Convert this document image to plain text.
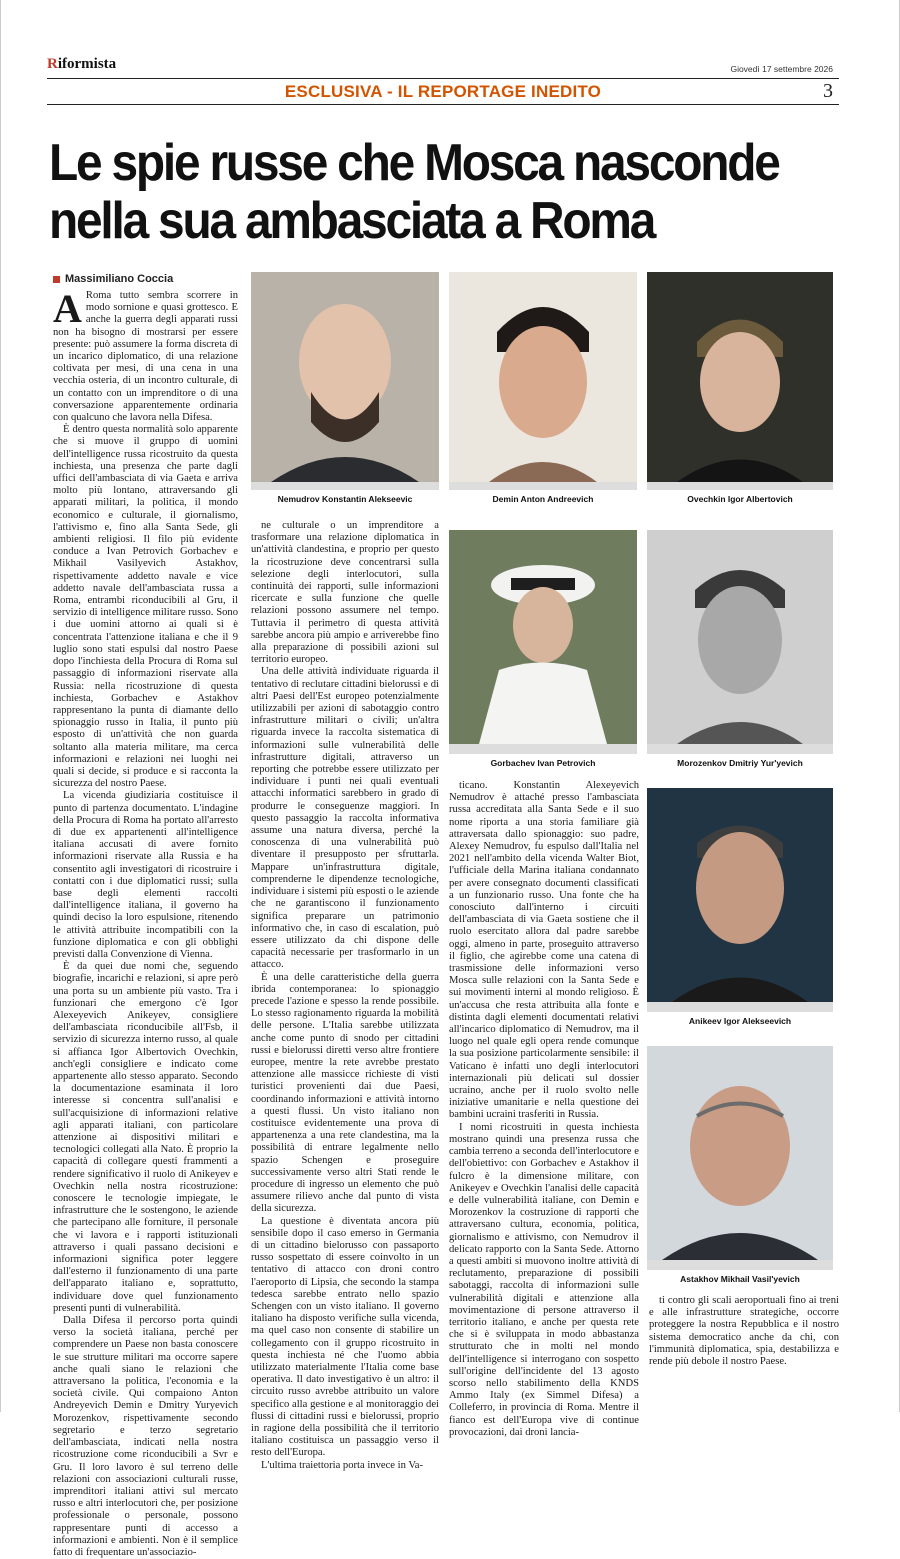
Riformista	Giovedì 17 settembre 2026
ESCLUSIVA - IL REPORTAGE INEDITO	3
Le spie russe che Mosca nasconde nella sua ambasciata a Roma
Massimiliano Coccia

A Roma tutto sembra scorrere in modo sornione e quasi grottesco. E anche la guerra degli apparati russi non ha bisogno di mostrarsi per essere presente: può assumere la forma discreta di un incarico diplomatico, di una relazione coltivata per mesi, di una cena in una vecchia osteria, di un incontro culturale, di un contatto con un imprenditore o di una conversazione apparentemente ordinaria con qualcuno che lavora nella Difesa.

È dentro questa normalità solo apparente che si muove il gruppo di uomini dell'intelligence russa ricostruito da questa inchiesta, una presenza che parte dagli uffici dell'ambasciata di via Gaeta e arriva molto più lontano, attraversando gli apparati militari, la politica, il mondo economico e culturale, il giornalismo, l'attivismo e, fino alla Santa Sede, gli ambienti religiosi. Il filo più evidente conduce a Ivan Petrovich Gorbachev e Mikhail Vasilyevich Astakhov, rispettivamente addetto navale e vice addetto navale dell'ambasciata russa a Roma, entrambi riconducibili al Gru, il servizio di intelligence militare russo. Sono i due uomini attorno ai quali si è concentrata l'attenzione italiana e che il 9 luglio sono stati espulsi dal nostro Paese dopo l'inchiesta della Procura di Roma sul passaggio di informazioni riservate alla Russia: nella ricostruzione di questa inchiesta, Gorbachev e Astakhov rappresentano la punta di diamante dello spionaggio russo in Italia, il punto più esposto di un'attività che non guarda soltanto alla materia militare, ma cerca informazioni e relazioni nei luoghi nei quali si decide, si produce e si racconta la sicurezza del nostro Paese.

La vicenda giudiziaria costituisce il punto di partenza documentato. L'indagine della Procura di Roma ha portato all'arresto di due ex appartenenti all'intelligence italiana accusati di avere fornito informazioni riservate alla Russia e ha consentito agli investigatori di ricostruire i contatti con i due diplomatici russi; sulla base degli elementi raccolti dall'intelligence italiana, il governo ha quindi deciso la loro espulsione, ritenendo le attività attribuite incompatibili con la funzione diplomatica e con gli obblighi previsti dalla Convenzione di Vienna.

È da quei due nomi che, seguendo biografie, incarichi e relazioni, si apre però una porta su un ambiente più vasto. Tra i funzionari che emergono c'è Igor Alexeyevich Anikeyev, consigliere dell'ambasciata riconducibile all'Fsb, il servizio di sicurezza interno russo, al quale si affianca Igor Albertovich Ovechkin, anch'egli consigliere e indicato come appartenente allo stesso apparato. Secondo la documentazione esaminata il loro interesse si concentra sull'analisi e sull'acquisizione di informazioni relative agli apparati italiani, con particolare attenzione ai dispositivi militari e tecnologici collegati alla Nato. È proprio la capacità di collegare questi frammenti a rendere significativo il ruolo di Anikeyev e Ovechkin nella nostra ricostruzione: conoscere le tecnologie impiegate, le infrastrutture che le sostengono, le aziende che partecipano alle forniture, il personale che vi lavora e i rapporti istituzionali attraverso i quali passano decisioni e informazioni significa poter leggere dall'esterno il funzionamento di una parte dell'apparato italiano e, soprattutto, individuare dove quel funzionamento presenti punti di vulnerabilità.

Dalla Difesa il percorso porta quindi verso la società italiana, perché per comprendere un Paese non basta conoscere le sue strutture militari ma occorre sapere anche quali siano le relazioni che attraversano la politica, l'economia e la società civile. Qui compaiono Anton Andreyevich Demin e Dmitry Yuryevich Morozenkov, rispettivamente secondo segretario e terzo segretario dell'ambasciata, indicati nella nostra ricostruzione come riconducibili a Svr e Gru. Il loro lavoro è sul terreno delle relazioni con associazioni culturali russe, imprenditori italiani attivi sul mercato russo e altri interlocutori che, per posizione professionale o personale, possono rappresentare punti di accesso a informazioni e ambienti. Non è il semplice fatto di frequentare un'associazio-

ne culturale o un imprenditore a trasformare una relazione diplomatica in un'attività clandestina, e proprio per questo la ricostruzione deve concentrarsi sulla selezione degli interlocutori, sulla continuità dei rapporti, sulle informazioni ricercate e sulla funzione che quelle relazioni possono assumere nel tempo. Tuttavia il perimetro di questa attività sarebbe ancora più ampio e arriverebbe fino alla preparazione di possibili azioni sul territorio europeo.

Una delle attività individuate riguarda il tentativo di reclutare cittadini bielorussi e di altri Paesi dell'Est europeo potenzialmente utilizzabili per azioni di sabotaggio contro infrastrutture militari o civili; un'altra riguarda invece la raccolta sistematica di informazioni sulle vulnerabilità delle infrastrutture digitali, attraverso un reporting che potrebbe essere utilizzato per individuare i punti nei quali eventuali attacchi informatici sarebbero in grado di produrre le conseguenze maggiori. In questo passaggio la raccolta informativa assume una natura diversa, perché la conoscenza di una vulnerabilità può diventare il presupposto per sfruttarla. Mappare un'infrastruttura digitale, comprenderne le dipendenze tecnologiche, individuare i sistemi più esposti o le aziende che ne garantiscono il funzionamento significa preparare un patrimonio informativo che, in caso di escalation, può essere utilizzato da chi dispone delle capacità necessarie per trasformarlo in un attacco.

È una delle caratteristiche della guerra ibrida contemporanea: lo spionaggio precede l'azione e spesso la rende possibile. Lo stesso ragionamento riguarda la mobilità delle persone. L'Italia sarebbe utilizzata anche come punto di snodo per cittadini russi e bielorussi diretti verso altre frontiere europee, mentre la rete avrebbe prestato attenzione alle massicce richieste di visti turistici provenienti dai due Paesi, coordinando informazioni e attività intorno a questi flussi. Un visto italiano non costituisce evidentemente una prova di appartenenza a una rete clandestina, ma la possibilità di entrare legalmente nello spazio Schengen e proseguire successivamente verso altri Stati rende le procedure di ingresso un elemento che può assumere rilievo anche dal punto di vista della sicurezza.

La questione è diventata ancora più sensibile dopo il caso emerso in Germania di un cittadino bielorusso con passaporto russo sospettato di essere coinvolto in un tentativo di attacco con droni contro l'aeroporto di Lipsia, che secondo la stampa tedesca sarebbe entrato nello spazio Schengen con un visto italiano. Il governo italiano ha disposto verifiche sulla vicenda, ma quel caso non consente di stabilire un collegamento con il gruppo ricostruito in questa inchiesta né che l'uomo abbia utilizzato materialmente l'Italia come base operativa. Il dato investigativo è un altro: il circuito russo avrebbe attribuito un valore specifico alla gestione e al monitoraggio dei flussi di cittadini russi e bielorussi, proprio in ragione della possibilità che il territorio italiano costituisca un passaggio verso il resto dell'Europa.

L'ultima traiettoria porta invece in Va-

ticano. Konstantin Alexeyevich Nemudrov è attaché presso l'ambasciata russa accreditata alla Santa Sede e il suo nome riporta a una storia familiare già attraversata dallo spionaggio: suo padre, Alexey Nemudrov, fu espulso dall'Italia nel 2021 nell'ambito della vicenda Walter Biot, l'ufficiale della Marina italiana condannato per avere consegnato documenti classificati a un funzionario russo. Una fonte che ha conosciuto dall'interno i circuiti dell'ambasciata di via Gaeta sostiene che il ruolo esercitato allora dal padre sarebbe oggi, almeno in parte, proseguito attraverso il figlio, che agirebbe come una catena di trasmissione delle informazioni verso Mosca sulle relazioni con la Santa Sede e sui movimenti interni al mondo religioso. È un'accusa che resta attribuita alla fonte e distinta dagli elementi documentati relativi all'incarico diplomatico di Nemudrov, ma il luogo nel quale egli opera rende comunque la sua posizione particolarmente sensibile: il Vaticano è infatti uno degli interlocutori internazionali più delicati sul dossier ucraino, anche per il ruolo svolto nelle iniziative umanitarie e nella questione dei bambini ucraini trasferiti in Russia.

I nomi ricostruiti in questa inchiesta mostrano quindi una presenza russa che cambia terreno a seconda dell'interlocutore e dell'obiettivo: con Gorbachev e Astakhov il fulcro è la dimensione militare, con Anikeyev e Ovechkin l'analisi delle capacità e delle vulnerabilità italiane, con Demin e Morozenkov la costruzione di rapporti che attraversano cultura, economia, politica, giornalismo e attivismo, con Nemudrov il delicato rapporto con la Santa Sede. Attorno a questi ambiti si muovono inoltre attività di reclutamento, preparazione di possibili sabotaggi, raccolta di informazioni sulle vulnerabilità digitali e attenzione alla movimentazione di persone attraverso il territorio italiano, e anche per questa rete che si è sviluppata in modo abbastanza strutturato che in molti nel mondo dell'intelligence si interrogano con sospetto sull'origine dell'incidente del 13 agosto scorso nello stabilimento della KNDS Ammo Italy (ex Simmel Difesa) a Colleferro, in provincia di Roma. Mentre il fianco est dell'Europa vive di continue provocazioni, dai droni lancia-

ti contro gli scali aeroportuali fino ai treni e alle infrastrutture strategiche, occorre proteggere la nostra Repubblica e il nostro sistema democratico anche da chi, con l'immunità diplomatica, spia, destabilizza e rende più debole il nostro Paese.

Nemudrov Konstantin Alekseevic	Demin Anton Andreevich	Ovechkin Igor Albertovich
Gorbachev Ivan Petrovich	Morozenkov Dmitriy Yur'yevich
Anikeev Igor Alekseevich
Astakhov Mikhail Vasil'yevich
